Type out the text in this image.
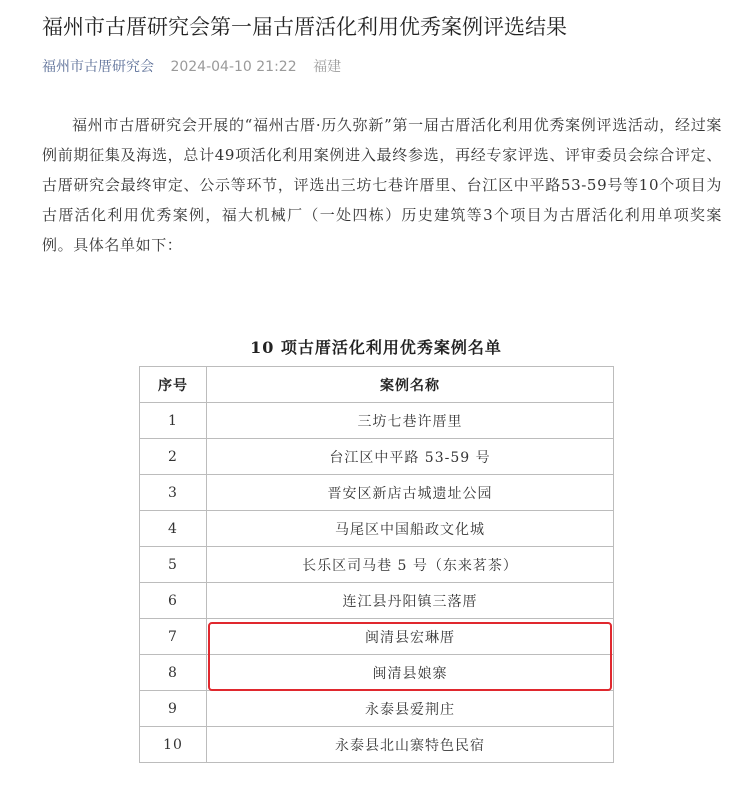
福州市古厝研究会第一届古厝活化利用优秀案例评选结果
福州市古厝研究会 2024-04-10 21:22 福建

福州市古厝研究会开展的“福州古厝·历久弥新”第一届古厝活化利用优秀案例评选活动，经过案例前期征集及海选，总计49项活化利用案例进入最终参选，再经专家评选、评审委员会综合评定、古厝研究会最终审定、公示等环节，评选出三坊七巷许厝里、台江区中平路53-59号等10个项目为古厝活化利用优秀案例，福大机械厂（一处四栋）历史建筑等3个项目为古厝活化利用单项奖案例。具体名单如下：

10 项古厝活化利用优秀案例名单
序号	案例名称
1	三坊七巷许厝里
2	台江区中平路 53-59 号
3	晋安区新店古城遗址公园
4	马尾区中国船政文化城
5	长乐区司马巷 5 号（东来茗茶）
6	连江县丹阳镇三落厝
7	闽清县宏琳厝
8	闽清县娘寨
9	永泰县爱荆庄
10	永泰县北山寨特色民宿
